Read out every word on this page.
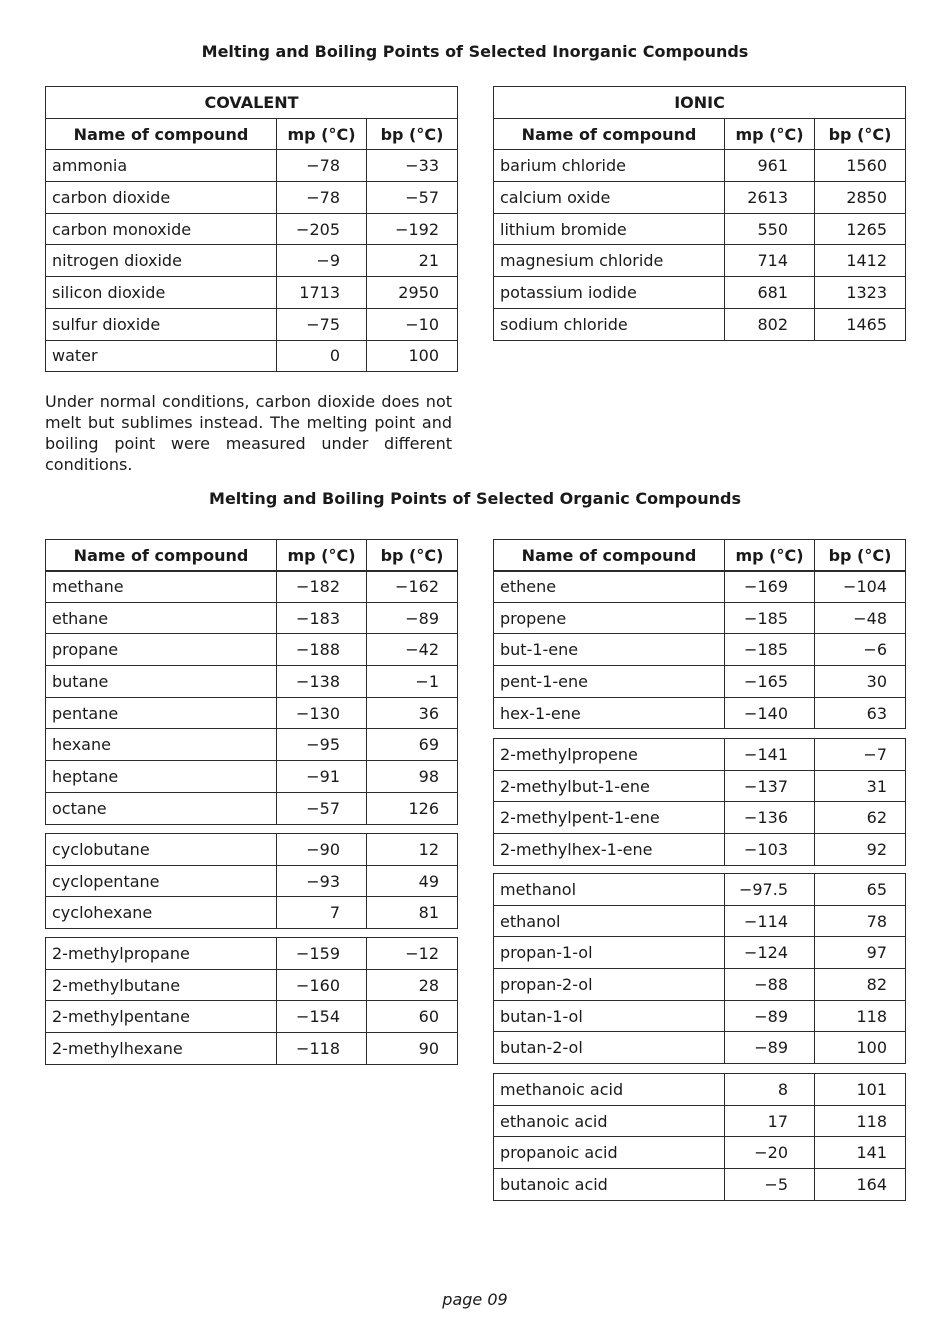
Melting and Boiling Points of Selected Inorganic Compounds
COVALENT		
Name of compound	mp (°C)	bp (°C)
ammonia	−78	−33
carbon dioxide	−78	−57
carbon monoxide	−205	−192
nitrogen dioxide	−9	21
silicon dioxide	1713	2950
sulfur dioxide	−75	−10
water	0	100
IONIC		
Name of compound	mp (°C)	bp (°C)
barium chloride	961	1560
calcium oxide	2613	2850
lithium bromide	550	1265
magnesium chloride	714	1412
potassium iodide	681	1323
sodium chloride	802	1465

Under normal conditions, carbon dioxide does not melt but sublimes instead. The melting point and boiling point were measured under different conditions.

Melting and Boiling Points of Selected Organic Compounds
Name of compound	mp (°C)	bp (°C)
methane	−182	−162
ethane	−183	−89
propane	−188	−42
butane	−138	−1
pentane	−130	36
hexane	−95	69
heptane	−91	98
octane	−57	126
cyclobutane	−90	12
cyclopentane	−93	49
cyclohexane	7	81
2-methylpropane	−159	−12
2-methylbutane	−160	28
2-methylpentane	−154	60
2-methylhexane	−118	90
Name of compound	mp (°C)	bp (°C)
ethene	−169	−104
propene	−185	−48
but-1-ene	−185	−6
pent-1-ene	−165	30
hex-1-ene	−140	63
2-methylpropene	−141	−7
2-methylbut-1-ene	−137	31
2-methylpent-1-ene	−136	62
2-methylhex-1-ene	−103	92
methanol	−97.5	65
ethanol	−114	78
propan-1-ol	−124	97
propan-2-ol	−88	82
butan-1-ol	−89	118
butan-2-ol	−89	100
methanoic acid	8	101
ethanoic acid	17	118
propanoic acid	−20	141
butanoic acid	−5	164
page 09
